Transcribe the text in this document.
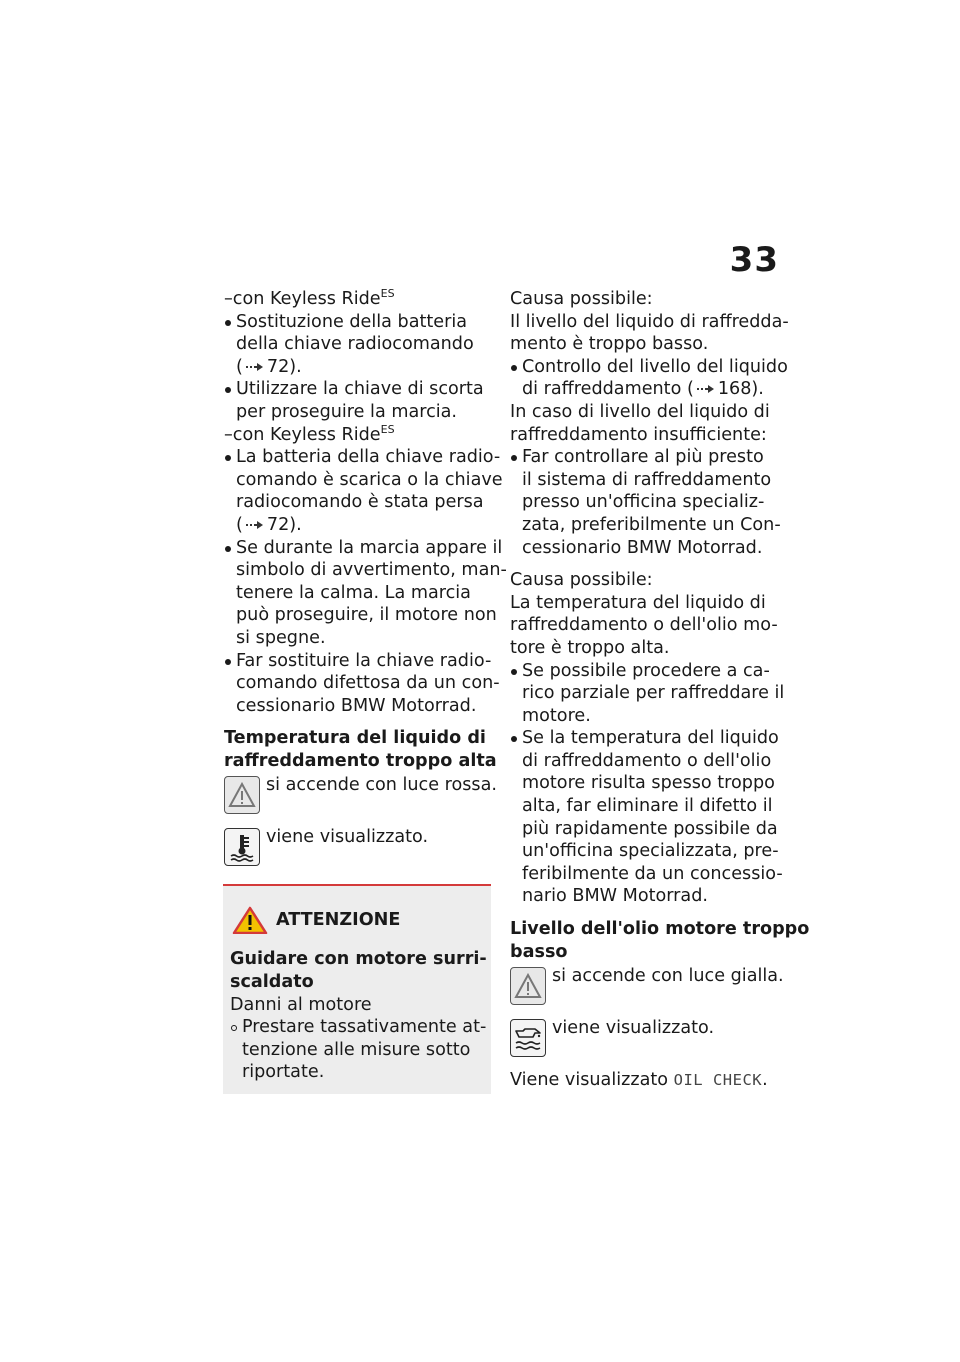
33
–con Keyless Ride$^{ES}$
Sostituzione della batteria
della chiave radiocomando
( 72).
Utilizzare la chiave di scorta
per proseguire la marcia.
–con Keyless Ride$^{ES}$
La batteria della chiave radio-
comando è scarica o la chiave
radiocomando è stata persa
( 72).
Se durante la marcia appare il
simbolo di avvertimento, man-
tenere la calma. La marcia
può proseguire, il motore non
si spegne.
Far sostituire la chiave radio-
comando difettosa da un con-
cessionario BMW Motorrad.
Temperatura del liquido di
raffreddamento troppo alta
si accende con luce rossa.
viene visualizzato.
ATTENZIONE
Guidare con motore surri-
scaldato
Danni al motore
Prestare tassativamente at-
tenzione alle misure sotto
riportate.
Causa possibile:
Il livello del liquido di raffredda-
mento è troppo basso.
Controllo del livello del liquido
di raffreddamento ( 168).
In caso di livello del liquido di
raffreddamento insufficiente:
Far controllare al più presto
il sistema di raffreddamento
presso un'officina specializ-
zata, preferibilmente un Con-
cessionario BMW Motorrad.
Causa possibile:
La temperatura del liquido di
raffreddamento o dell'olio mo-
tore è troppo alta.
Se possibile procedere a ca-
rico parziale per raffreddare il
motore.
Se la temperatura del liquido
di raffreddamento o dell'olio
motore risulta spesso troppo
alta, far eliminare il difetto il
più rapidamente possibile da
un'officina specializzata, pre-
feribilmente da un concessio-
nario BMW Motorrad.
Livello dell'olio motore troppo
basso
si accende con luce gialla.
viene visualizzato.
Viene visualizzato OIL CHECK.
